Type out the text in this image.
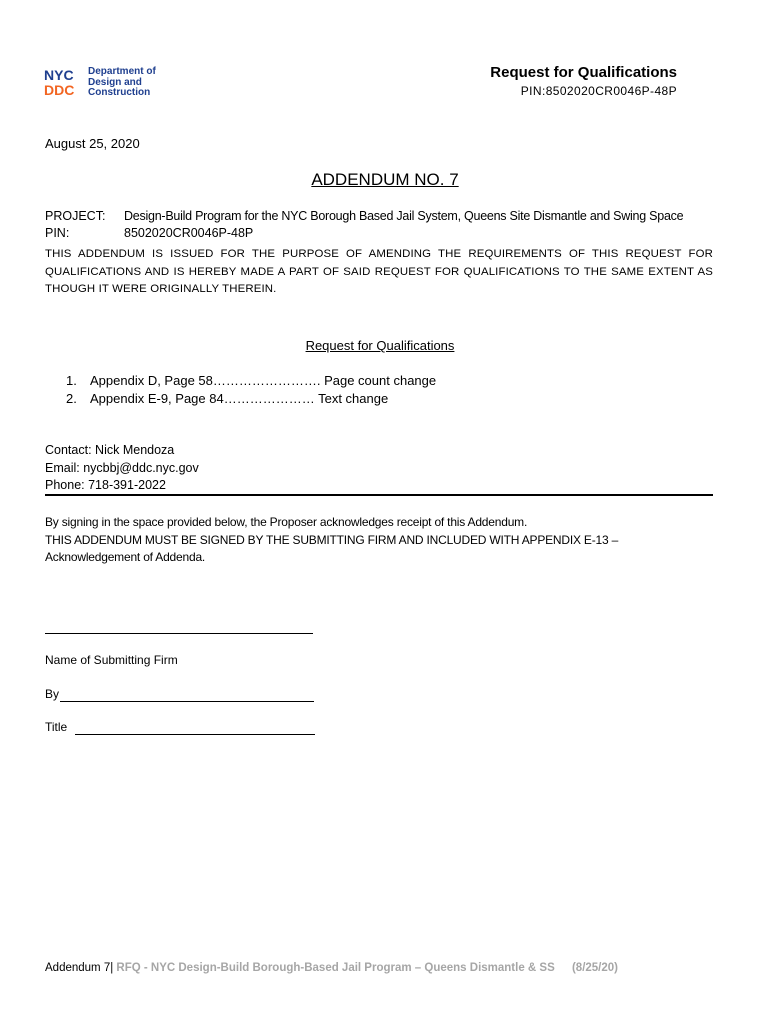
NYC
DDC
Department of
Design and
Construction
Request for Qualifications
PIN:8502020CR0046P-48P
August 25, 2020
ADDENDUM NO. 7
PROJECT: Design-Build Program for the NYC Borough Based Jail System, Queens Site Dismantle and Swing Space
PIN:	8502020CR0046P-48P
THIS ADDENDUM IS ISSUED FOR THE PURPOSE OF AMENDING THE REQUIREMENTS OF THIS REQUEST FOR QUALIFICATIONS AND IS HEREBY MADE A PART OF SAID REQUEST FOR QUALIFICATIONS TO THE SAME EXTENT AS THOUGH IT WERE ORIGINALLY THEREIN.
Request for Qualifications
1. Appendix D, Page 58……………………. Page count change
2. Appendix E-9, Page 84………………… Text change
Contact: Nick Mendoza
Email: nycbbj@ddc.nyc.gov
Phone: 718-391-2022
By signing in the space provided below, the Proposer acknowledges receipt of this Addendum.
THIS ADDENDUM MUST BE SIGNED BY THE SUBMITTING FIRM AND INCLUDED WITH APPENDIX E-13 – Acknowledgement of Addenda.
Name of Submitting Firm
By
Title
Addendum 7| RFQ - NYC Design-Build Borough-Based Jail Program – Queens Dismantle & SS (8/25/20)
